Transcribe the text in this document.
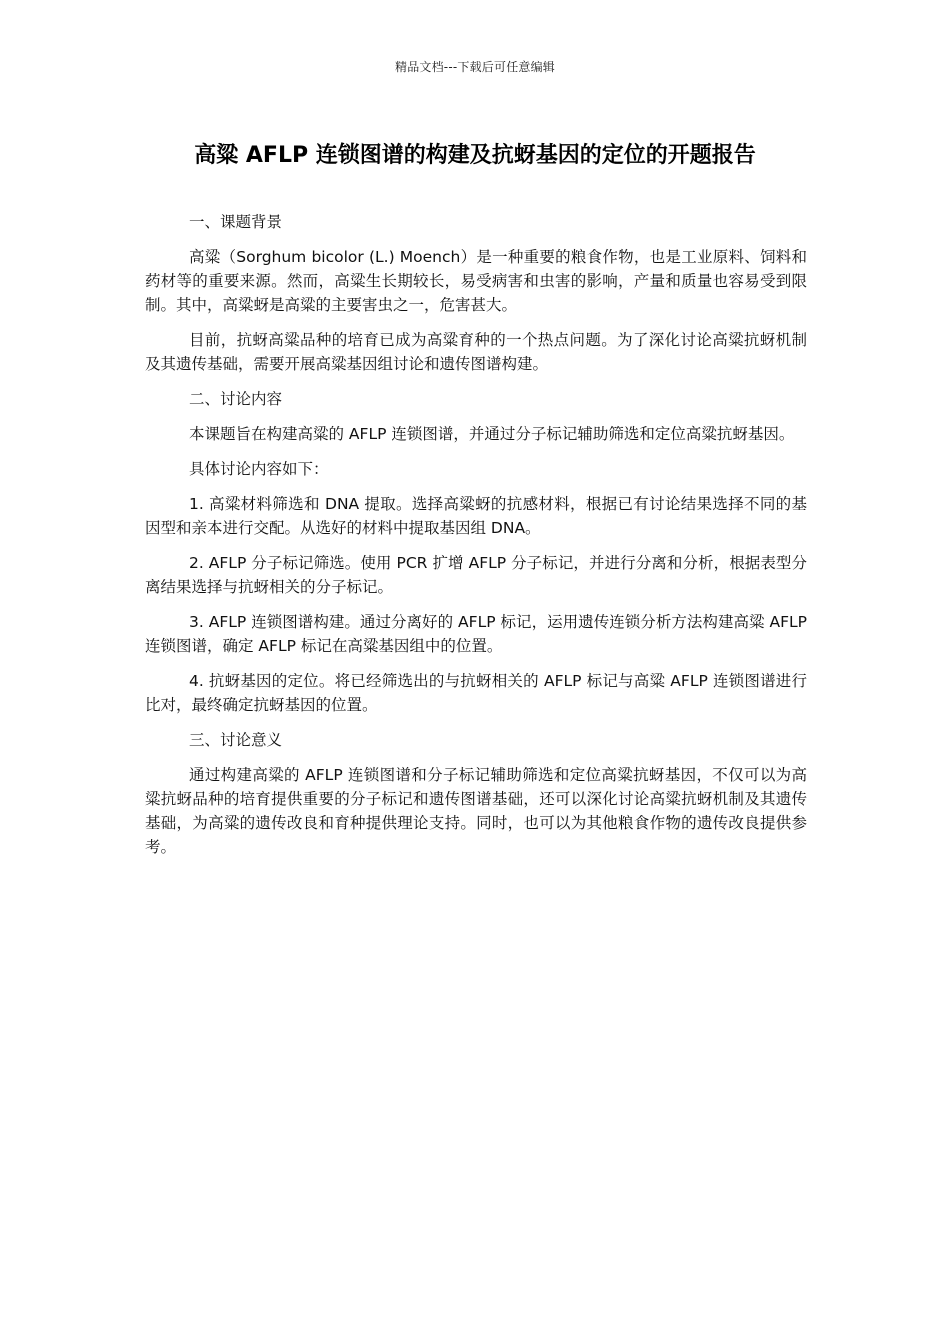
精品文档---下载后可任意编辑
高粱 AFLP 连锁图谱的构建及抗蚜基因的定位的开题报告

一、课题背景

高粱（Sorghum bicolor (L.) Moench）是一种重要的粮食作物，也是工业原料、饲料和药材等的重要来源。然而，高粱生长期较长，易受病害和虫害的影响，产量和质量也容易受到限制。其中，高粱蚜是高粱的主要害虫之一，危害甚大。

目前，抗蚜高粱品种的培育已成为高粱育种的一个热点问题。为了深化讨论高粱抗蚜机制及其遗传基础，需要开展高粱基因组讨论和遗传图谱构建。

二、讨论内容

本课题旨在构建高粱的 AFLP 连锁图谱，并通过分子标记辅助筛选和定位高粱抗蚜基因。

具体讨论内容如下：

1. 高粱材料筛选和 DNA 提取。选择高粱蚜的抗感材料，根据已有讨论结果选择不同的基因型和亲本进行交配。从选好的材料中提取基因组 DNA。

2. AFLP 分子标记筛选。使用 PCR 扩增 AFLP 分子标记，并进行分离和分析，根据表型分离结果选择与抗蚜相关的分子标记。

3. AFLP 连锁图谱构建。通过分离好的 AFLP 标记，运用遗传连锁分析方法构建高粱 AFLP 连锁图谱，确定 AFLP 标记在高粱基因组中的位置。

4. 抗蚜基因的定位。将已经筛选出的与抗蚜相关的 AFLP 标记与高粱 AFLP 连锁图谱进行比对，最终确定抗蚜基因的位置。

三、讨论意义

通过构建高粱的 AFLP 连锁图谱和分子标记辅助筛选和定位高粱抗蚜基因，不仅可以为高粱抗蚜品种的培育提供重要的分子标记和遗传图谱基础，还可以深化讨论高粱抗蚜机制及其遗传基础，为高粱的遗传改良和育种提供理论支持。同时，也可以为其他粮食作物的遗传改良提供参考。
